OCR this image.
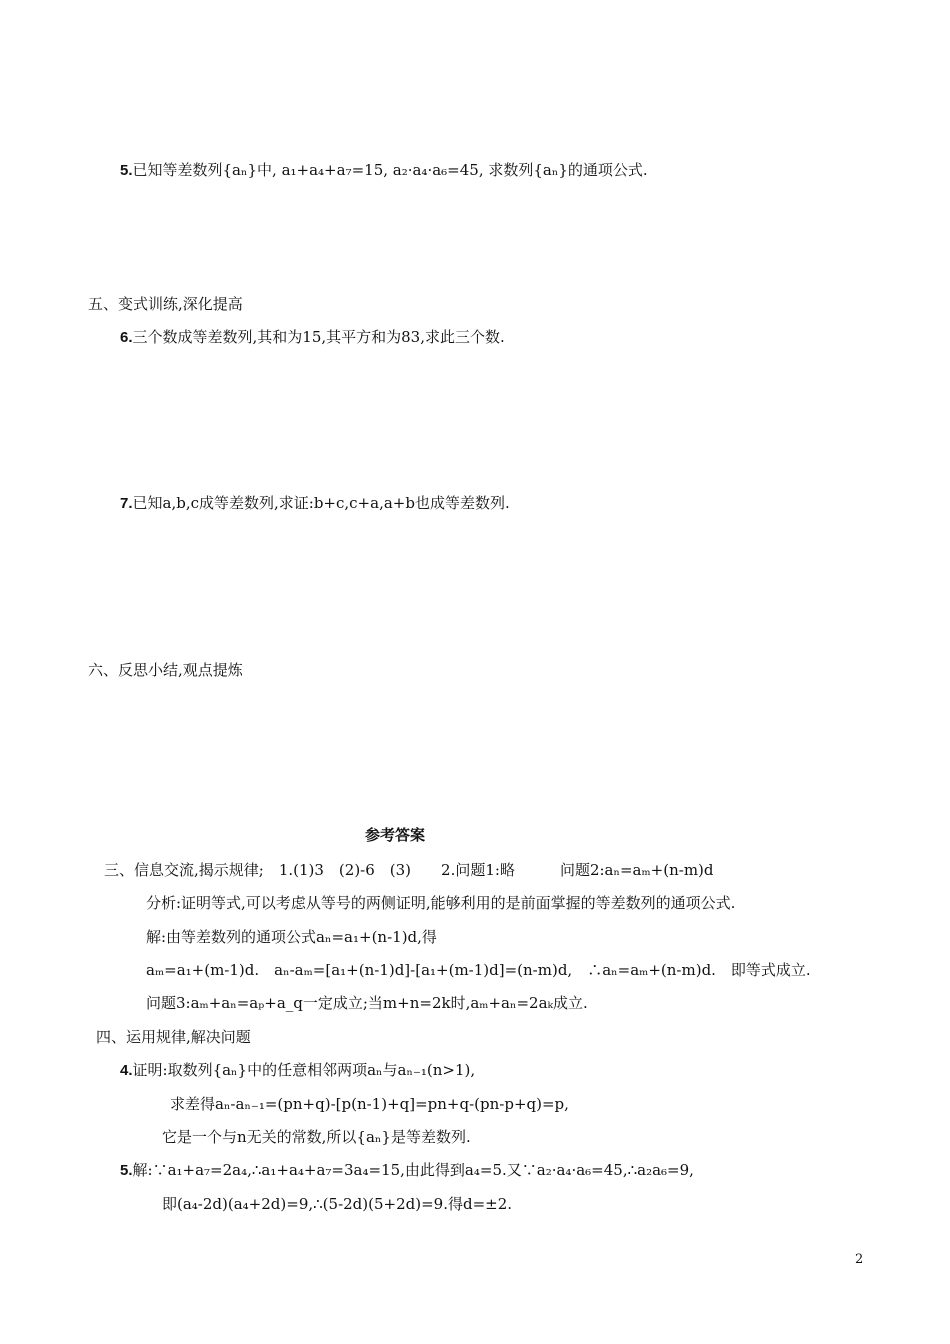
5.已知等差数列{aₙ}中, a₁+a₄+a₇=15, a₂·a₄·a₆=45, 求数列{aₙ}的通项公式.
五、变式训练,深化提高
6.三个数成等差数列,其和为15,其平方和为83,求此三个数.
7.已知a,b,c成等差数列,求证:b+c,c+a,a+b也成等差数列.
六、反思小结,观点提炼
参考答案
三、信息交流,揭示规律;　1.(1)3　(2)-6　(3)　　2.问题1:略　　　问题2:aₙ=aₘ+(n-m)d
分析:证明等式,可以考虑从等号的两侧证明,能够利用的是前面掌握的等差数列的通项公式.
解:由等差数列的通项公式aₙ=a₁+(n-1)d,得
aₘ=a₁+(m-1)d.　aₙ-aₘ=[a₁+(n-1)d]-[a₁+(m-1)d]=(n-m)d,　∴aₙ=aₘ+(n-m)d.　即等式成立.
问题3:aₘ+aₙ=aₚ+a_q一定成立;当m+n=2k时,aₘ+aₙ=2aₖ成立.
四、运用规律,解决问题
4.证明:取数列{aₙ}中的任意相邻两项aₙ与aₙ₋₁(n>1),
求差得aₙ-aₙ₋₁=(pn+q)-[p(n-1)+q]=pn+q-(pn-p+q)=p,
它是一个与n无关的常数,所以{aₙ}是等差数列.
5.解:∵a₁+a₇=2a₄,∴a₁+a₄+a₇=3a₄=15,由此得到a₄=5.又∵a₂·a₄·a₆=45,∴a₂a₆=9,
即(a₄-2d)(a₄+2d)=9,∴(5-2d)(5+2d)=9.得d=±2.
2
